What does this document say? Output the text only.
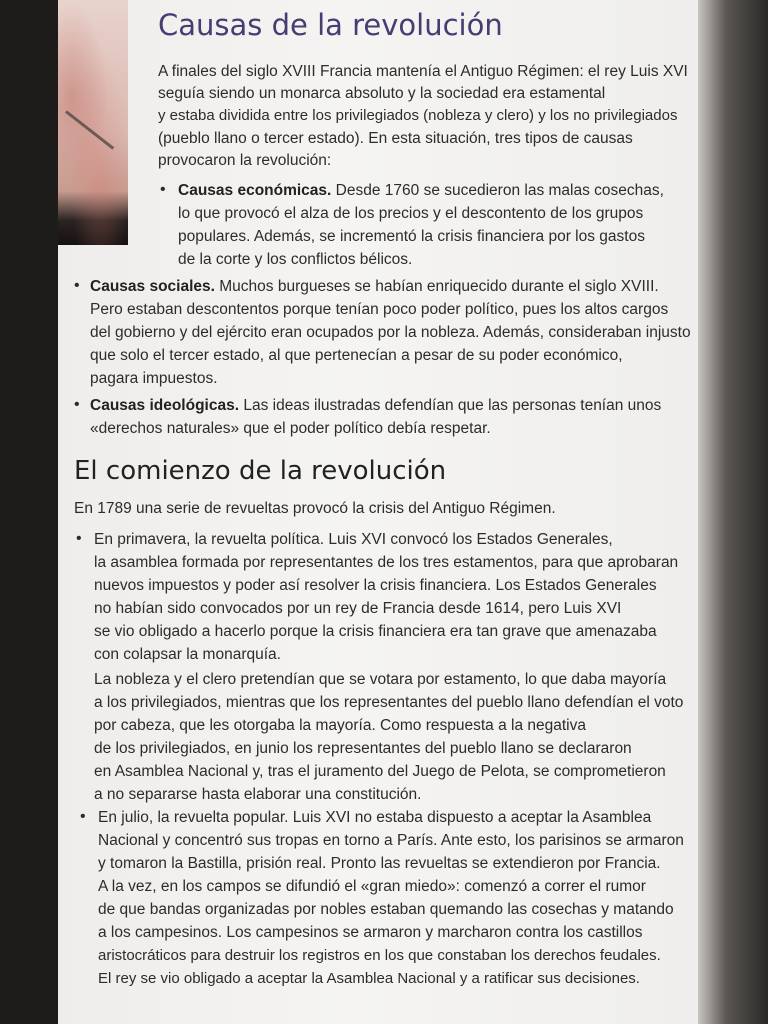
Causas de la revolución
A finales del siglo XVIII Francia mantenía el Antiguo Régimen: el rey Luis XVI
seguía siendo un monarca absoluto y la sociedad era estamental
y estaba dividida entre los privilegiados (nobleza y clero) y los no privilegiados
(pueblo llano o tercer estado). En esta situación, tres tipos de causas
provocaron la revolución:
• Causas económicas. Desde 1760 se sucedieron las malas cosechas,
lo que provocó el alza de los precios y el descontento de los grupos
populares. Además, se incrementó la crisis financiera por los gastos
de la corte y los conflictos bélicos.
• Causas sociales. Muchos burgueses se habían enriquecido durante el siglo XVIII.
Pero estaban descontentos porque tenían poco poder político, pues los altos cargos
del gobierno y del ejército eran ocupados por la nobleza. Además, consideraban injusto
que solo el tercer estado, al que pertenecían a pesar de su poder económico,
pagara impuestos.
• Causas ideológicas. Las ideas ilustradas defendían que las personas tenían unos
«derechos naturales» que el poder político debía respetar.
El comienzo de la revolución
En 1789 una serie de revueltas provocó la crisis del Antiguo Régimen.
• En primavera, la revuelta política. Luis XVI convocó los Estados Generales,
la asamblea formada por representantes de los tres estamentos, para que aprobaran
nuevos impuestos y poder así resolver la crisis financiera. Los Estados Generales
no habían sido convocados por un rey de Francia desde 1614, pero Luis XVI
se vio obligado a hacerlo porque la crisis financiera era tan grave que amenazaba
con colapsar la monarquía.
La nobleza y el clero pretendían que se votara por estamento, lo que daba mayoría
a los privilegiados, mientras que los representantes del pueblo llano defendían el voto
por cabeza, que les otorgaba la mayoría. Como respuesta a la negativa
de los privilegiados, en junio los representantes del pueblo llano se declararon
en Asamblea Nacional y, tras el juramento del Juego de Pelota, se comprometieron
a no separarse hasta elaborar una constitución.
• En julio, la revuelta popular. Luis XVI no estaba dispuesto a aceptar la Asamblea
Nacional y concentró sus tropas en torno a París. Ante esto, los parisinos se armaron
y tomaron la Bastilla, prisión real. Pronto las revueltas se extendieron por Francia.
A la vez, en los campos se difundió el «gran miedo»: comenzó a correr el rumor
de que bandas organizadas por nobles estaban quemando las cosechas y matando
a los campesinos. Los campesinos se armaron y marcharon contra los castillos
aristocráticos para destruir los registros en los que constaban los derechos feudales.
El rey se vio obligado a aceptar la Asamblea Nacional y a ratificar sus decisiones.
